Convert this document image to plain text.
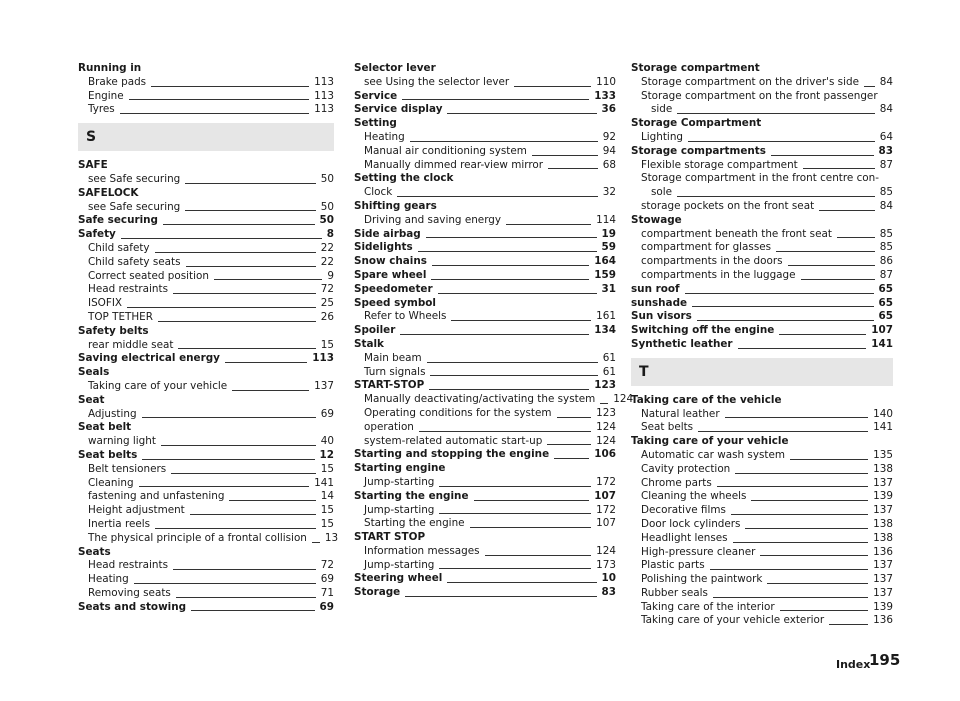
Running in
Brake pads	113
Engine	113
Tyres	113
S
SAFE
see Safe securing	50
SAFELOCK
see Safe securing	50
Safe securing	50
Safety	8
Child safety	22
Child safety seats	22
Correct seated position	9
Head restraints	72
ISOFIX	25
TOP TETHER	26
Safety belts
rear middle seat	15
Saving electrical energy	113
Seals
Taking care of your vehicle	137
Seat
Adjusting	69
Seat belt
warning light	40
Seat belts	12
Belt tensioners	15
Cleaning	141
fastening and unfastening	14
Height adjustment	15
Inertia reels	15
The physical principle of a frontal collision 13
Seats
Head restraints	72
Heating	69
Removing seats	71
Seats and stowing	69
Selector lever
see Using the selector lever	110
Service	133
Service display	36
Setting
Heating	92
Manual air conditioning system	94
Manually dimmed rear-view mirror	68
Setting the clock
Clock	32
Shifting gears
Driving and saving energy	114
Side airbag	19
Sidelights	59
Snow chains	164
Spare wheel	159
Speedometer	31
Speed symbol
Refer to Wheels	161
Spoiler	134
Stalk
Main beam	61
Turn signals	61
START-STOP	123
Manually deactivating/activating the system 124
Operating conditions for the system	123
operation	124
system-related automatic start-up	124
Starting and stopping the engine	106
Starting engine
Jump-starting	172
Starting the engine	107
Jump-starting	172
Starting the engine	107
START STOP
Information messages	124
Jump-starting	173
Steering wheel	10
Storage	83
Storage compartment
Storage compartment on the driver's side 84
Storage compartment on the front passenger
side	84
Storage Compartment
Lighting	64
Storage compartments	83
Flexible storage compartment	87
Storage compartment in the front centre con-
sole	85
storage pockets on the front seat	84
Stowage
compartment beneath the front seat	85
compartment for glasses	85
compartments in the doors	86
compartments in the luggage	87
sun roof	65
sunshade	65
Sun visors	65
Switching off the engine	107
Synthetic leather	141
T
Taking care of the vehicle
Natural leather	140
Seat belts	141
Taking care of your vehicle
Automatic car wash system	135
Cavity protection	138
Chrome parts	137
Cleaning the wheels	139
Decorative films	137
Door lock cylinders	138
Headlight lenses	138
High-pressure cleaner	136
Plastic parts	137
Polishing the paintwork	137
Rubber seals	137
Taking care of the interior	139
Taking care of your vehicle exterior	136
Index
195
